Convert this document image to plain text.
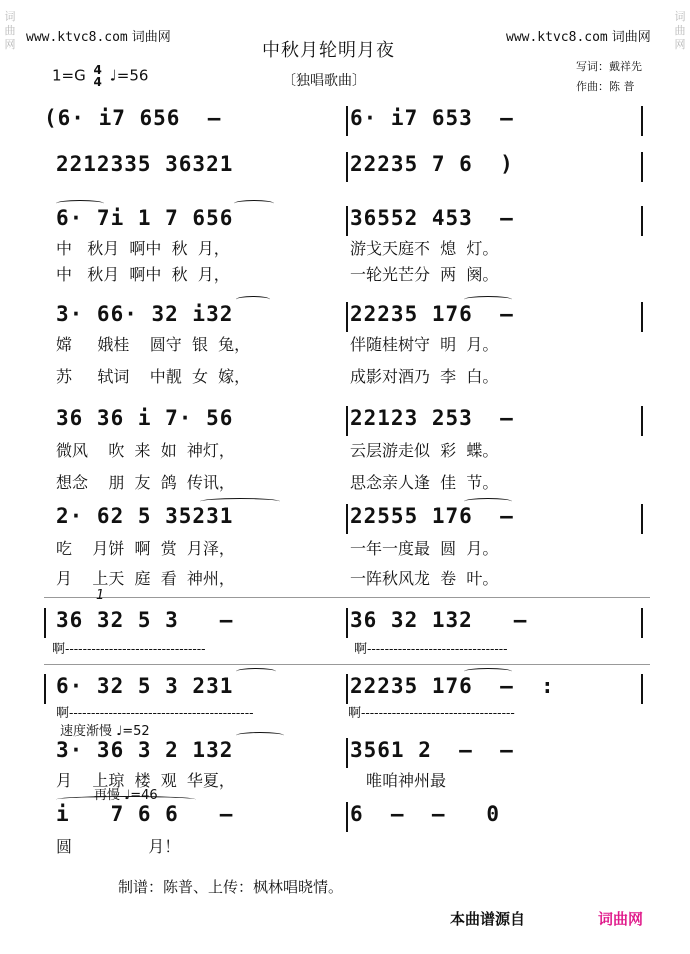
词
曲
网
词
曲
网
www.ktvc8.com 词曲网	www.ktvc8.com 词曲网
中秋月轮明月夜
〔独唱歌曲〕
写词：戴祥先
作曲：陈 普
1=G 4
4 ♩=56
(6· i7 656  –	6· i7 653  –
2212335 36321	22235 7 6  )
6· 7i 1 7 656	36552 453  –
中   秋月  啊中  秋  月，	游戈天庭不  熄  灯。
中   秋月  啊中  秋  月，	一轮光芒分  两  阕。
3· 66· 32 i32	22235 176  –
嫦     娥桂    圆守  银  兔，	伴随桂树守  明  月。
苏     轼词    中靓  女  嫁，	成影对酒乃  李  白。
36 36 i 7· 56	22123 253  –
微风    吹  来  如  神灯，	云层游走似  彩  蝶。
想念    朋  友  鸽  传讯，	思念亲人逢  佳  节。
2· 62 5 35231	22555 176  –
吃    月饼  啊  赏  月泽，	一年一度最  圆  月。
月    上天  庭  看  神州，	一阵秋风龙  卷  叶。
1
36 32 5 3   –	36 32 132   –
啊--------------------------------	啊--------------------------------
6· 32 5 3 231	22235 176  –  :
啊------------------------------------------	啊-----------------------------------
速度渐慢 ♩=52
3· 36 3 2 132	3561 2  –  –
月    上琼  楼  观  华夏，	唯咱神州最
再慢 ♩=46
i   7 6 6   –	6  –  –   0
圆               月！
制谱：陈普、上传：枫林唱晓情。
本曲谱源自	词曲网
